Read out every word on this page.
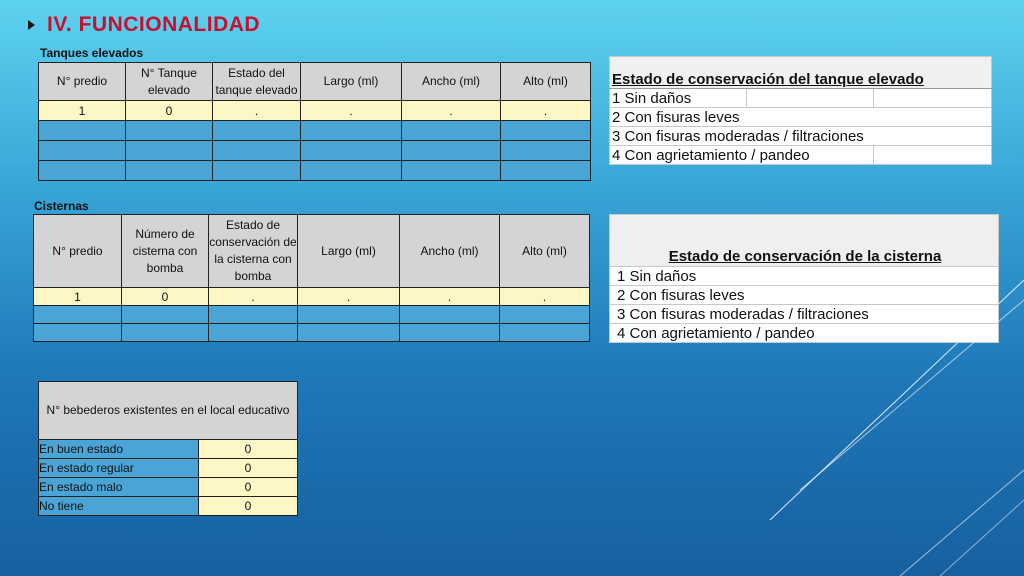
IV. FUNCIONALIDAD
Tanques elevados
N° predio	N° Tanque elevado	Estado del tanque elevado	Largo (ml)	Ancho (ml)	Alto (ml)
1	0	.	.	.	.

Cisternas
N° predio	Número de cisterna con bomba	Estado de conservación de la cisterna con bomba	Largo (ml)	Ancho (ml)	Alto (ml)
1	0	.	.	.	.

Estado de conservación del tanque elevado		
1 Sin daños		
2 Con fisuras leves		
3 Con fisuras moderadas / filtraciones		
4 Con agrietamiento / pandeo		
Estado de conservación de la cisterna
1 Sin daños
2 Con fisuras leves
3 Con fisuras moderadas / filtraciones
4 Con agrietamiento / pandeo
N° bebederos existentes en el local educativo	
En buen estado	0
En estado regular	0
En estado malo	0
No tiene	0
